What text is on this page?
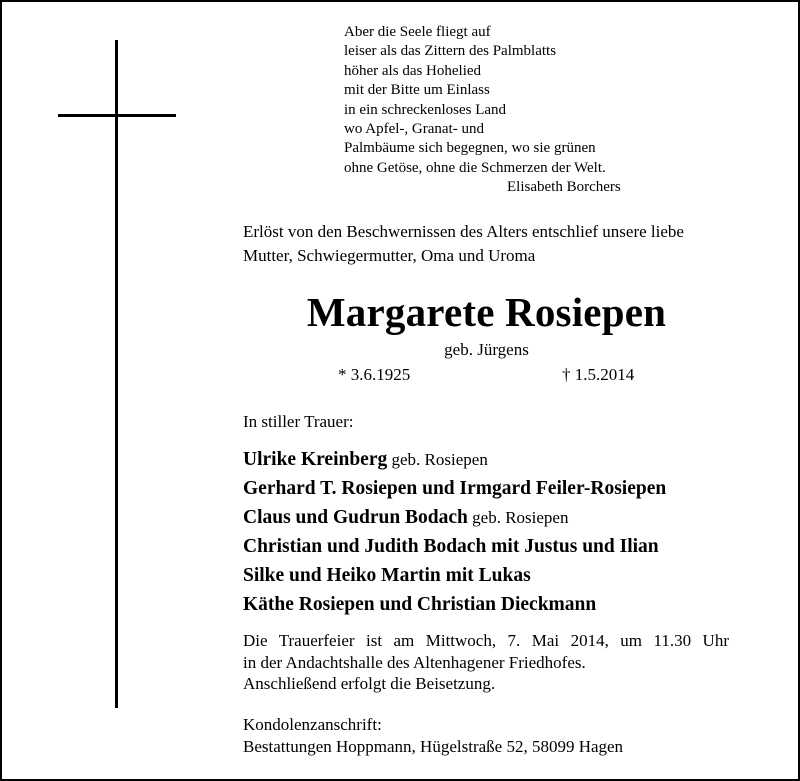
Aber die Seele fliegt auf
leiser als das Zittern des Palmblatts
höher als das Hohelied
mit der Bitte um Einlass
in ein schreckenloses Land
wo Apfel-, Granat- und
Palmbäume sich begegnen, wo sie grünen
ohne Getöse, ohne die Schmerzen der Welt.
Elisabeth Borchers
Erlöst von den Beschwernissen des Alters entschlief unsere liebe
Mutter, Schwiegermutter, Oma und Uroma
Margarete Rosiepen
geb. Jürgens
* 3.6.1925	† 1.5.2014
In stiller Trauer:
Ulrike Kreinberg geb. Rosiepen
Gerhard T. Rosiepen und Irmgard Feiler-Rosiepen
Claus und Gudrun Bodach geb. Rosiepen
Christian und Judith Bodach mit Justus und Ilian
Silke und Heiko Martin mit Lukas
Käthe Rosiepen und Christian Dieckmann
Die Trauerfeier ist am Mittwoch, 7. Mai 2014, um 11.30 Uhr
in der Andachtshalle des Altenhagener Friedhofes.
Anschließend erfolgt die Beisetzung.
Kondolenzanschrift:
Bestattungen Hoppmann, Hügelstraße 52, 58099 Hagen
